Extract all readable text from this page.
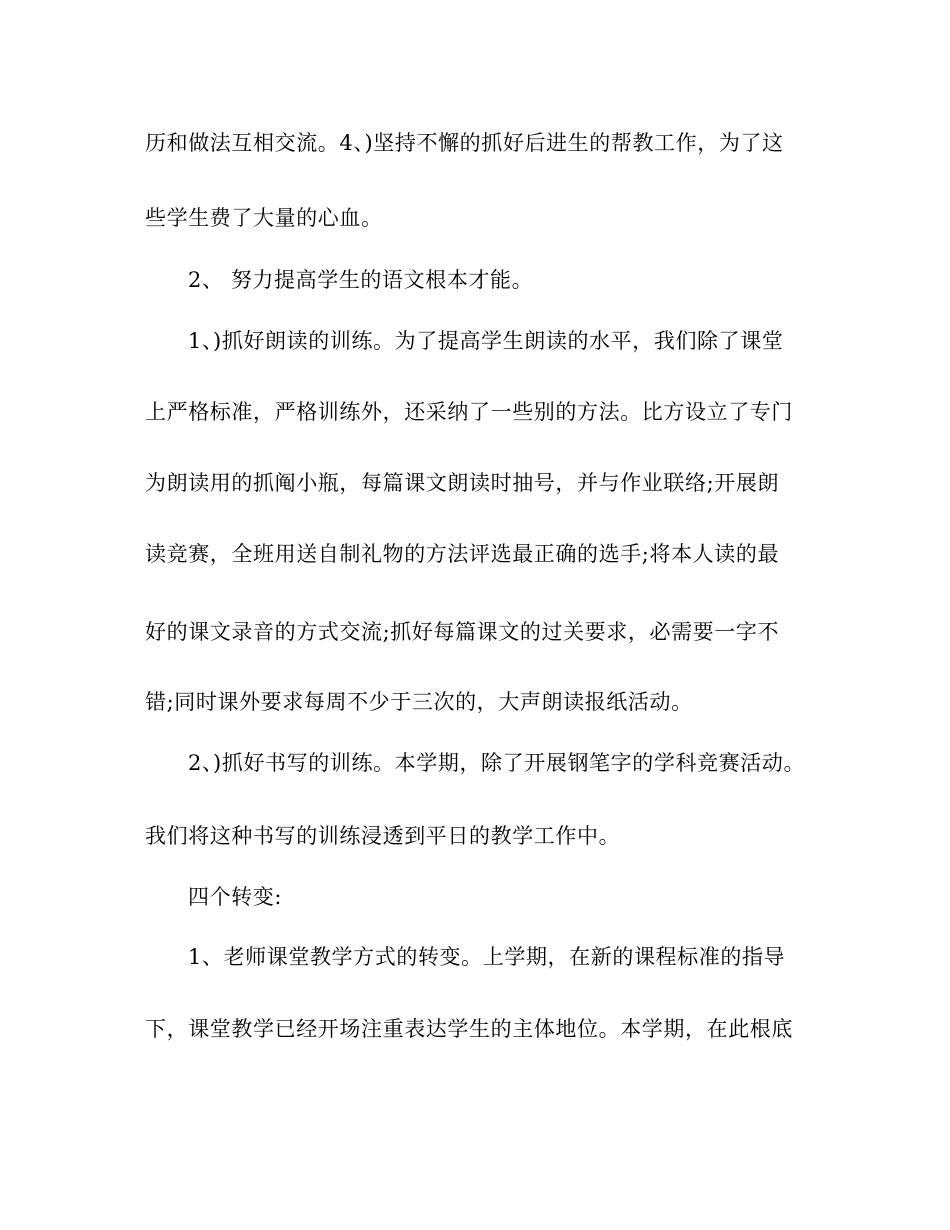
历和做法互相交流。4、)坚持不懈的抓好后进生的帮教工作，为了这
些学生费了大量的心血。
2、 努力提高学生的语文根本才能。
1、)抓好朗读的训练。为了提高学生朗读的水平，我们除了课堂
上严格标准，严格训练外，还采纳了一些别的方法。比方设立了专门
为朗读用的抓阄小瓶，每篇课文朗读时抽号，并与作业联络;开展朗
读竞赛，全班用送自制礼物的方法评选最正确的选手;将本人读的最
好的课文录音的方式交流;抓好每篇课文的过关要求，必需要一字不
错;同时课外要求每周不少于三次的，大声朗读报纸活动。
2、)抓好书写的训练。本学期，除了开展钢笔字的学科竞赛活动。
我们将这种书写的训练浸透到平日的教学工作中。
四个转变:
1、老师课堂教学方式的转变。上学期，在新的课程标准的指导
下，课堂教学已经开场注重表达学生的主体地位。本学期，在此根底
